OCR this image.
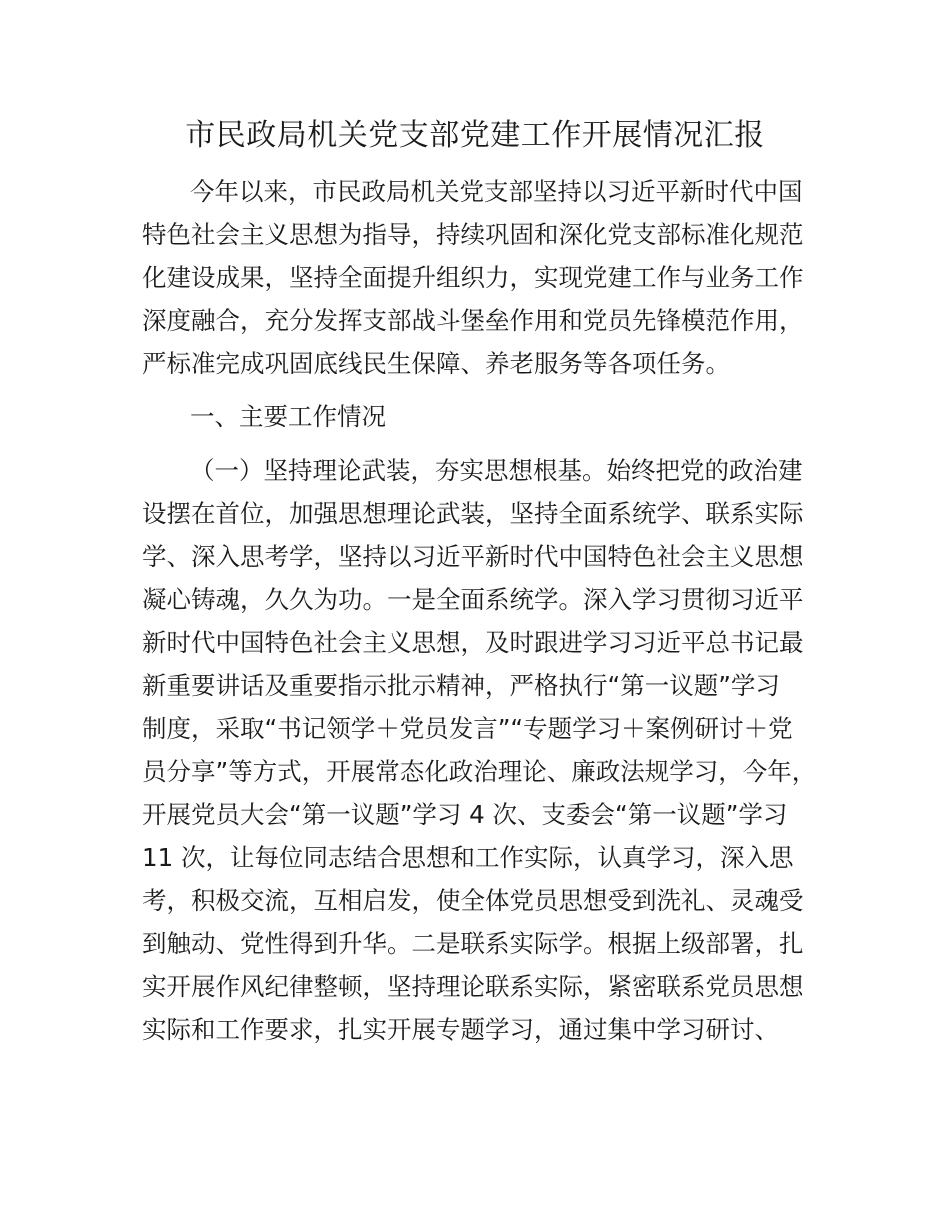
市民政局机关党支部党建工作开展情况汇报

今年以来，市民政局机关党支部坚持以习近平新时代中国

特色社会主义思想为指导，持续巩固和深化党支部标准化规范

化建设成果，坚持全面提升组织力，实现党建工作与业务工作

深度融合，充分发挥支部战斗堡垒作用和党员先锋模范作用，

严标准完成巩固底线民生保障、养老服务等各项任务。

一、主要工作情况

（一）坚持理论武装，夯实思想根基。始终把党的政治建

设摆在首位，加强思想理论武装，坚持全面系统学、联系实际

学、深入思考学，坚持以习近平新时代中国特色社会主义思想

凝心铸魂，久久为功。一是全面系统学。深入学习贯彻习近平

新时代中国特色社会主义思想，及时跟进学习习近平总书记最

新重要讲话及重要指示批示精神，严格执行“第一议题”学习

制度，采取“书记领学＋党员发言”“专题学习＋案例研讨＋党

员分享”等方式，开展常态化政治理论、廉政法规学习，今年，

开展党员大会“第一议题”学习 4 次、支委会“第一议题”学习

11 次，让每位同志结合思想和工作实际，认真学习，深入思

考，积极交流，互相启发，使全体党员思想受到洗礼、灵魂受

到触动、党性得到升华。二是联系实际学。根据上级部署，扎

实开展作风纪律整顿，坚持理论联系实际，紧密联系党员思想

实际和工作要求，扎实开展专题学习，通过集中学习研讨、
